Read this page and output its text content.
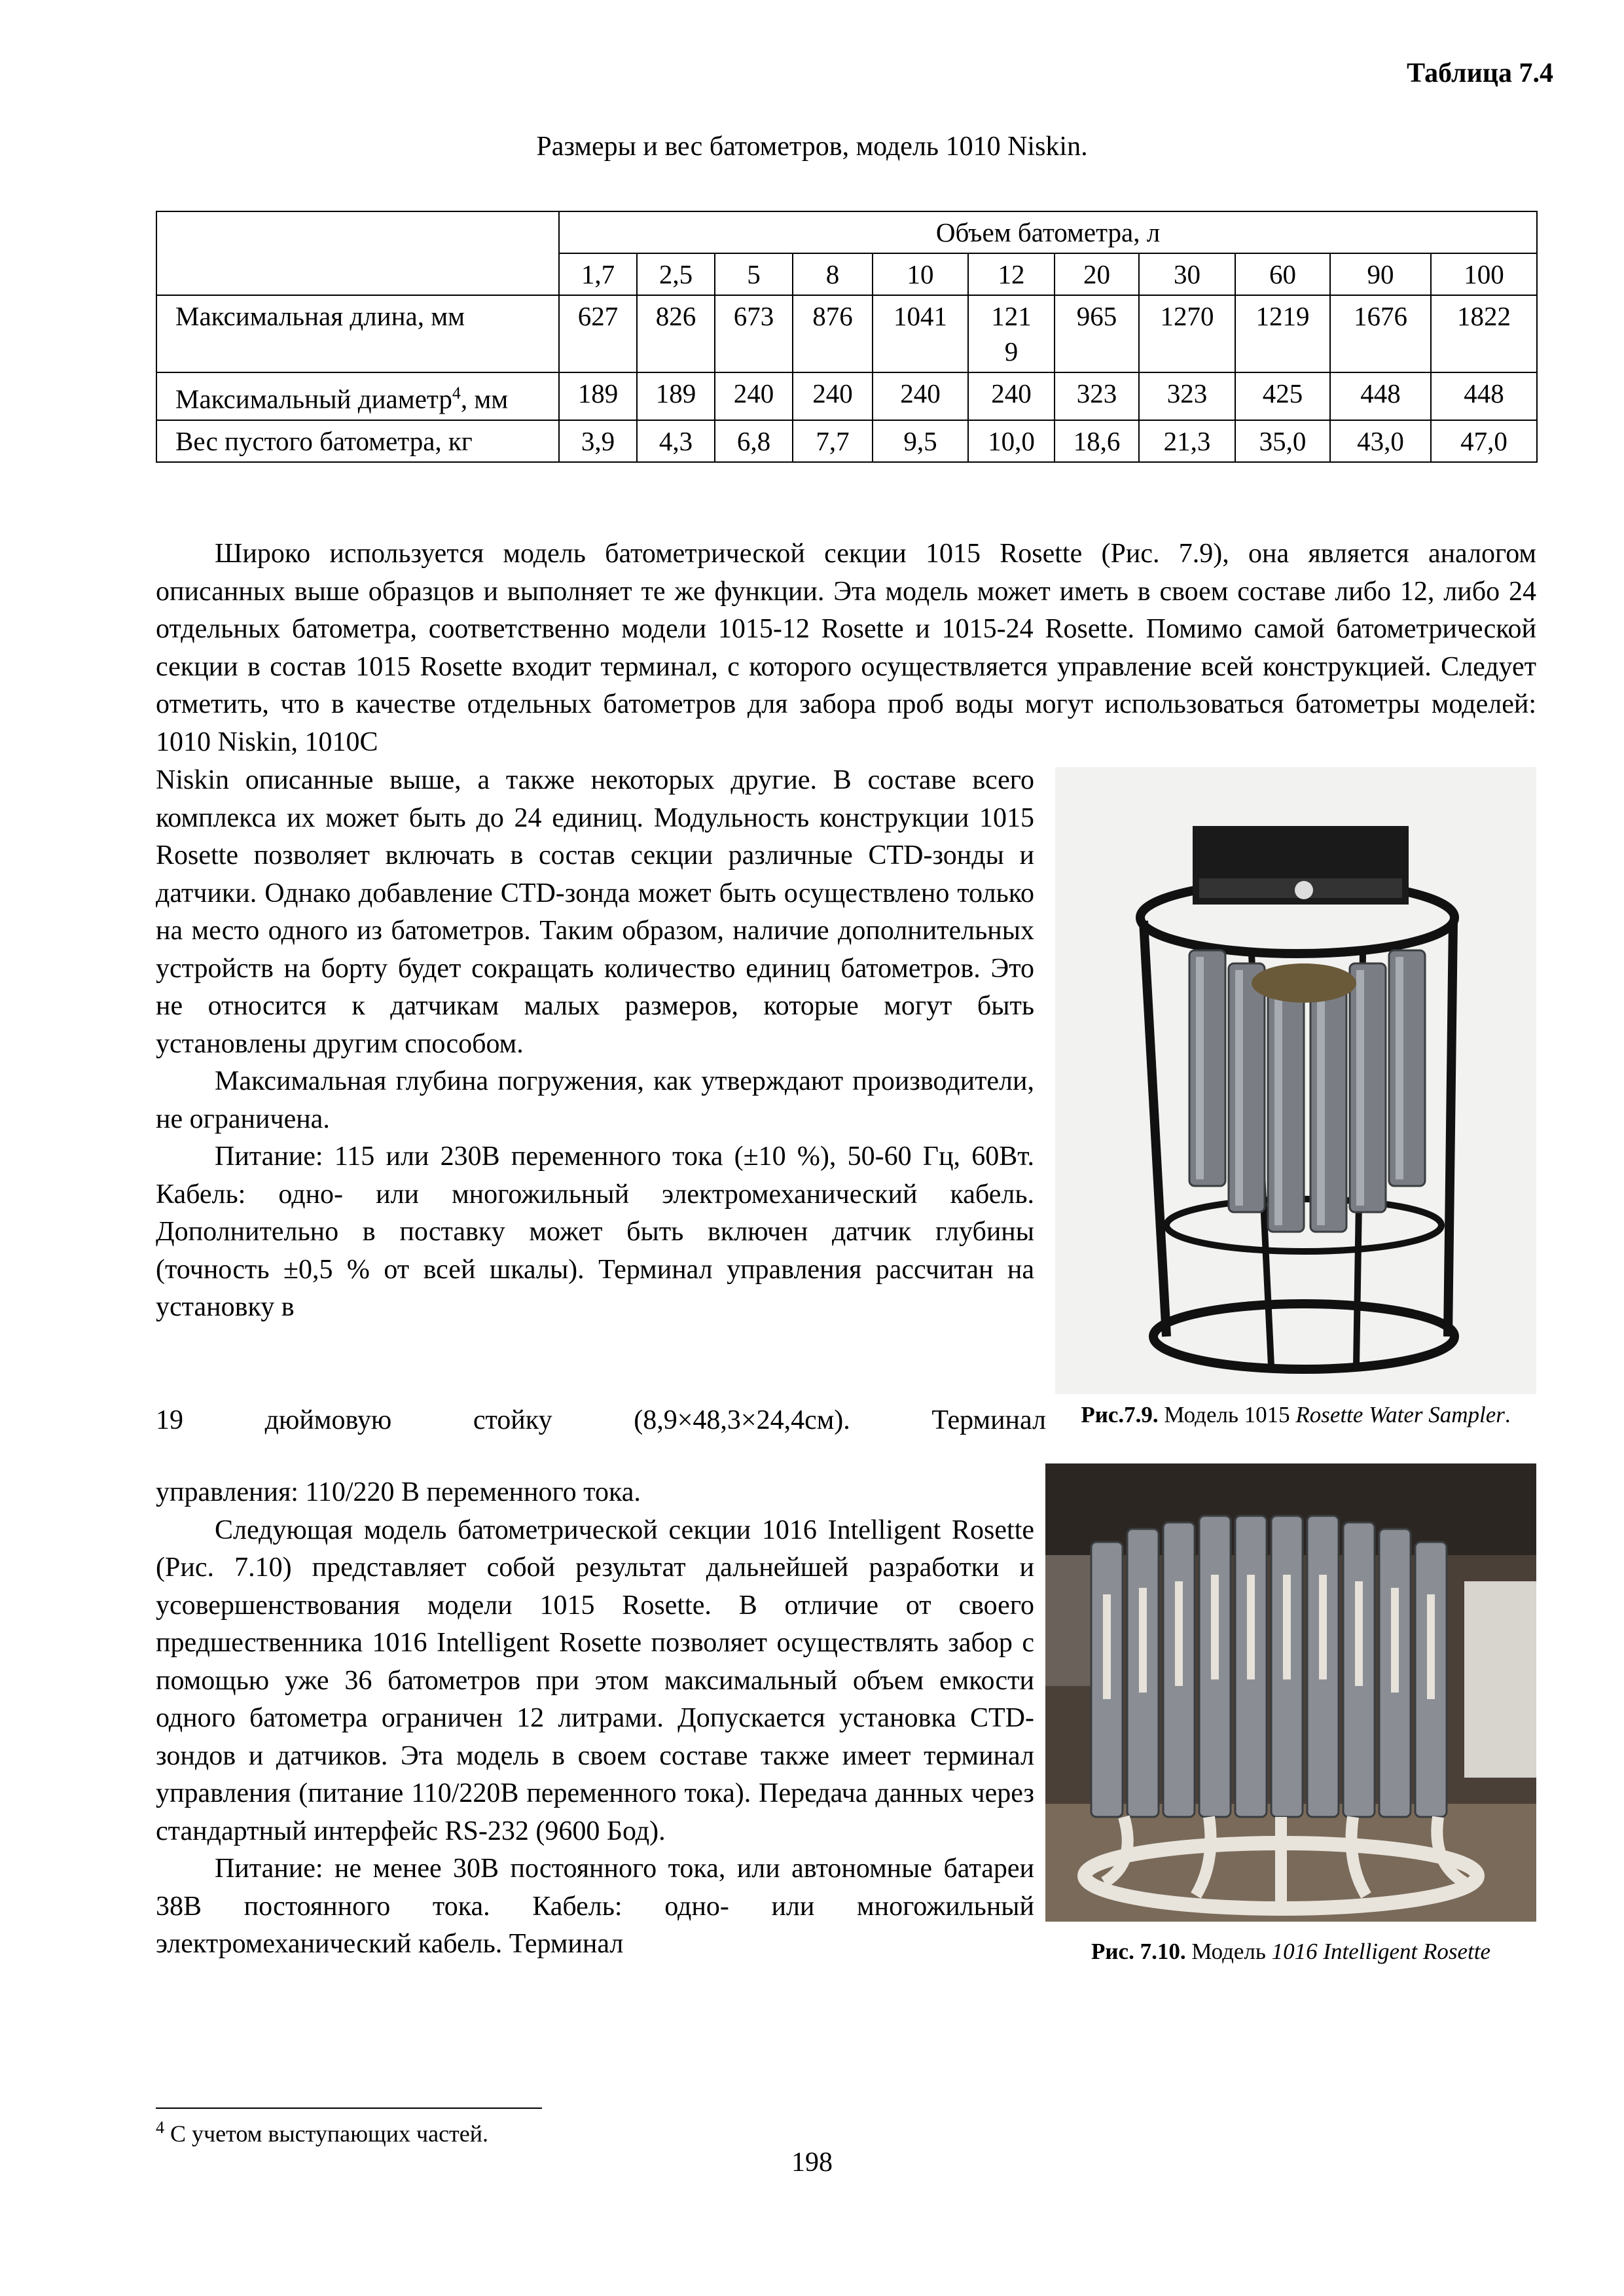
Таблица 7.4
Размеры и вес батометров, модель 1010 Niskin.
	Объем батометра, л										
	1,7	2,5	5	8	10	12	20	30	60	90	100
Максимальная длина, мм	627	826	673	876	1041	121 9	965	1270	1219	1676	1822
Максимальный диаметр$^4$, мм	189	189	240	240	240	240	323	323	425	448	448
Вес пустого батометра, кг	3,9	4,3	6,8	7,7	9,5	10,0	18,6	21,3	35,0	43,0	47,0
Широко используется модель батометрической секции 1015 Rosette (Рис. 7.9), она является аналогом описанных выше образцов и выполняет те же функции. Эта модель может иметь в своем составе либо 12, либо 24 отдельных батометра, соответственно модели 1015-12 Rosette и 1015-24 Rosette. Помимо самой батометрической секции в состав 1015 Rosette входит терминал, с которого осуществляется управление всей конструкцией. Следует отметить, что в качестве отдельных батометров для забора проб воды могут использоваться батометры моделей: 1010 Niskin, 1010C

Niskin описанные выше, а также некоторых другие. В составе всего комплекса их может быть до 24 единиц. Модульность конструкции 1015 Rosette позволяет включать в состав секции различные CTD-зонды и датчики. Однако добавление CTD-зонда может быть осуществлено только на место одного из батометров. Таким образом, наличие дополнительных устройств на борту будет сокращать количество единиц батометров. Это не относится к датчикам малых размеров, которые могут быть установлены другим способом.

Максимальная глубина погружения, как утверждают производители, не ограничена.

Питание: 115 или 230В переменного тока (±10 %), 50-60 Гц, 60Вт. Кабель: одно- или многожильный электромеханический кабель. Дополнительно в поставку может быть включен датчик глубины (точность ±0,5 % от всей шкалы). Терминал управления рассчитан на установку в

19 дюймовую стойку (8,9×48,3×24,4см). Терминал

управления: 110/220 В переменного тока.

Следующая модель батометрической секции 1016 Intelligent Rosette (Рис. 7.10) представляет собой результат дальнейшей разработки и усовершенствования модели 1015 Rosette. В отличие от своего предшественника 1016 Intelligent Rosette позволяет осуществлять забор с помощью уже 36 батометров при этом максимальный объем емкости одного батометра ограничен 12 литрами. Допускается установка CTD-зондов и датчиков. Эта модель в своем составе также имеет терминал управления (питание 110/220В переменного тока). Передача данных через стандартный интерфейс RS-232 (9600 Бод).

Питание: не менее 30В постоянного тока, или автономные батареи 38В постоянного тока. Кабель: одно- или многожильный электромеханический кабель. Терминал

Рис.7.9. Модель 1015 Rosette Water Sampler.
Рис. 7.10. Модель 1016 Intelligent Rosette
$^4$ С учетом выступающих частей.
198
